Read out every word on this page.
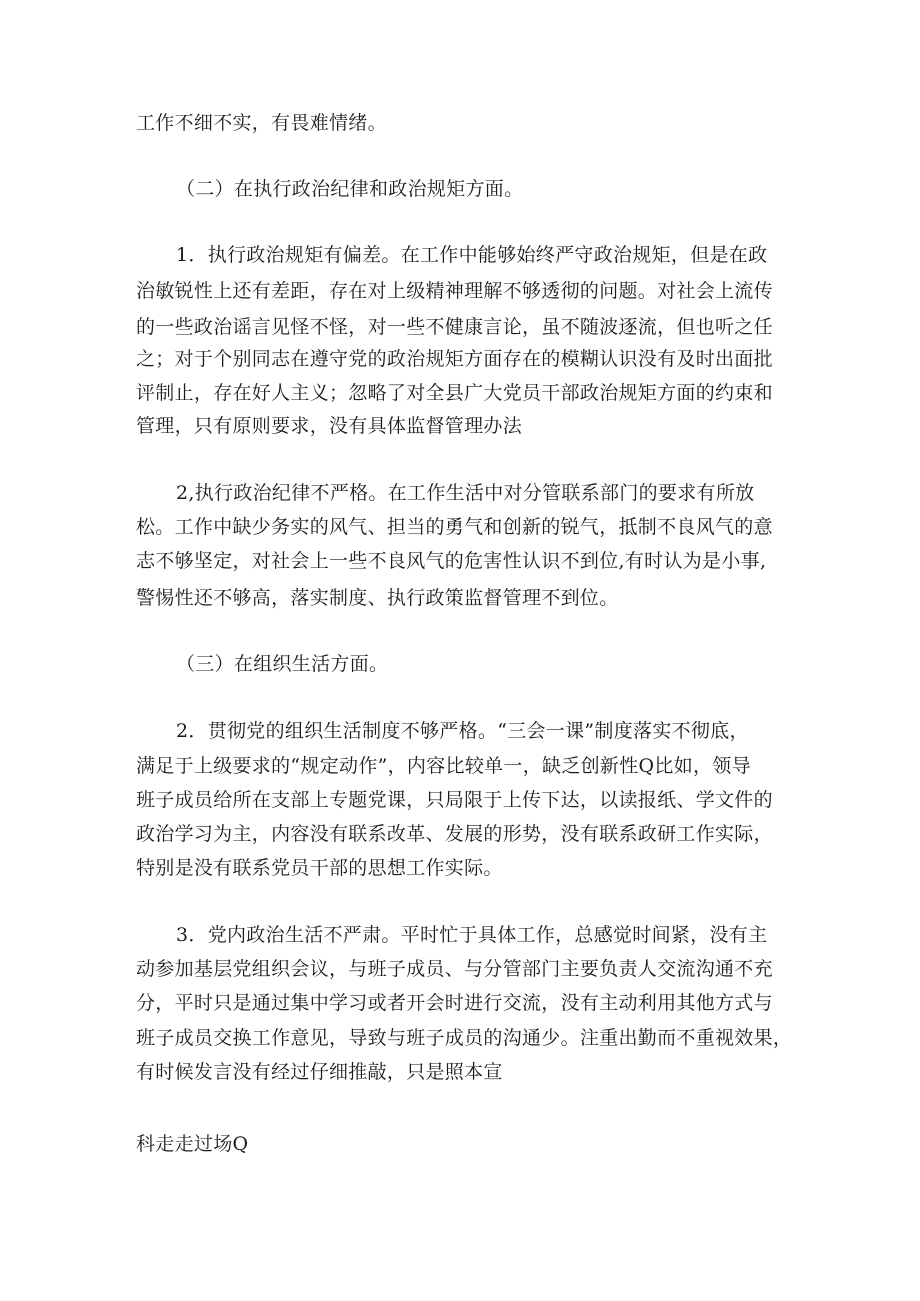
工作不细不实，有畏难情绪。
（二）在执行政治纪律和政治规矩方面。
1．执行政治规矩有偏差。在工作中能够始终严守政治规矩，但是在政
治敏锐性上还有差距，存在对上级精神理解不够透彻的问题。对社会上流传
的一些政治谣言见怪不怪，对一些不健康言论，虽不随波逐流，但也听之任
之；对于个别同志在遵守党的政治规矩方面存在的模糊认识没有及时出面批
评制止，存在好人主义；忽略了对全县广大党员干部政治规矩方面的约束和
管理，只有原则要求，没有具体监督管理办法
2,执行政治纪律不严格。在工作生活中对分管联系部门的要求有所放
松。工作中缺少务实的风气、担当的勇气和创新的锐气，抵制不良风气的意
志不够坚定，对社会上一些不良风气的危害性认识不到位,有时认为是小事,
警惕性还不够高，落实制度、执行政策监督管理不到位。
（三）在组织生活方面。
2．贯彻党的组织生活制度不够严格。“三会一课”制度落实不彻底，
满足于上级要求的“规定动作”，内容比较单一，缺乏创新性Q比如，领导
班子成员给所在支部上专题党课，只局限于上传下达，以读报纸、学文件的
政治学习为主，内容没有联系改革、发展的形势，没有联系政研工作实际，
特别是没有联系党员干部的思想工作实际。
3．党内政治生活不严肃。平时忙于具体工作，总感觉时间紧，没有主
动参加基层党组织会议，与班子成员、与分管部门主要负责人交流沟通不充
分，平时只是通过集中学习或者开会时进行交流，没有主动利用其他方式与
班子成员交换工作意见，导致与班子成员的沟通少。注重出勤而不重视效果，
有时候发言没有经过仔细推敲，只是照本宣
科走走过场Q
